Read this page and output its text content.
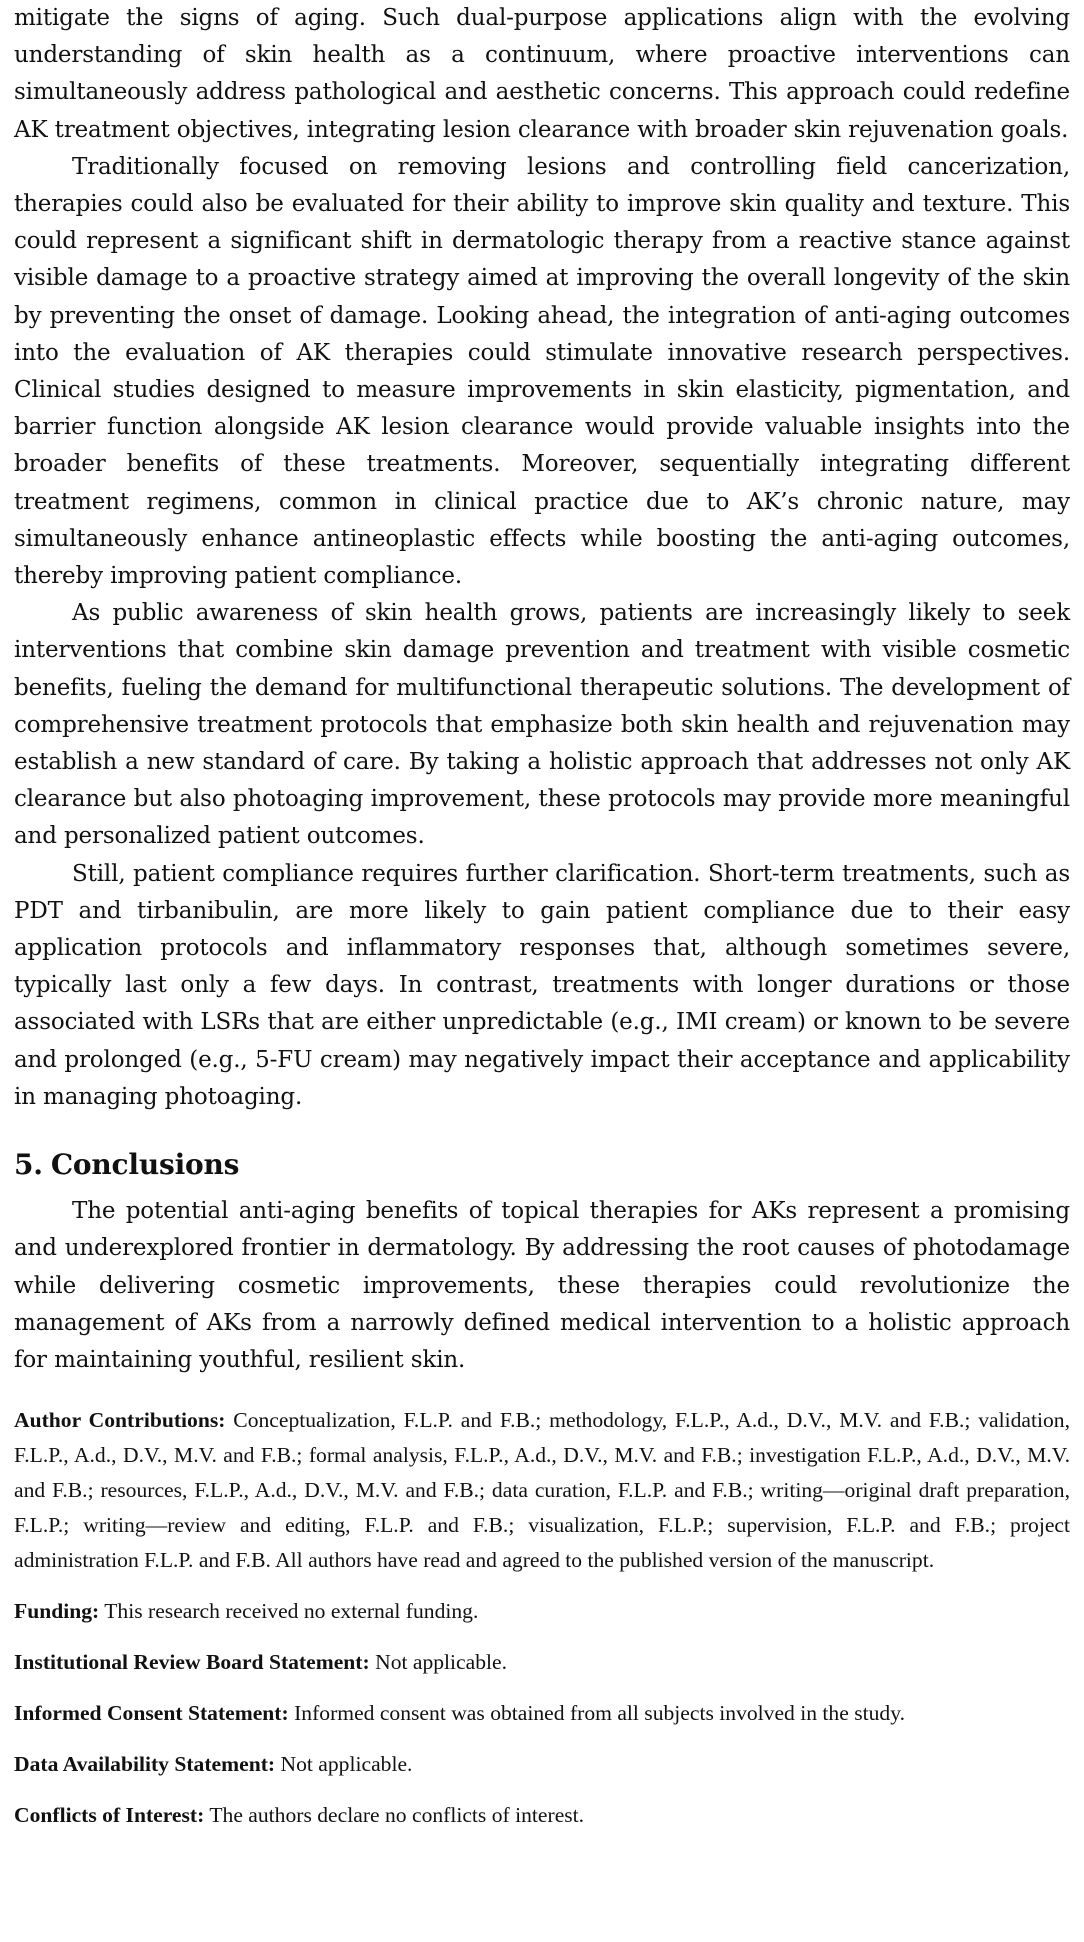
mitigate the signs of aging. Such dual-purpose applications align with the evolving understanding of skin health as a continuum, where proactive interventions can simultaneously address pathological and aesthetic concerns. This approach could redefine AK treatment objectives, integrating lesion clearance with broader skin rejuvenation goals.

Traditionally focused on removing lesions and controlling field cancerization, therapies could also be evaluated for their ability to improve skin quality and texture. This could represent a significant shift in dermatologic therapy from a reactive stance against visible damage to a proactive strategy aimed at improving the overall longevity of the skin by preventing the onset of damage. Looking ahead, the integration of anti-aging outcomes into the evaluation of AK therapies could stimulate innovative research perspectives. Clinical studies designed to measure improvements in skin elasticity, pigmentation, and barrier function alongside AK lesion clearance would provide valuable insights into the broader benefits of these treatments. Moreover, sequentially integrating different treatment regimens, common in clinical practice due to AK’s chronic nature, may simultaneously enhance antineoplastic effects while boosting the anti-aging outcomes, thereby improving patient compliance.

As public awareness of skin health grows, patients are increasingly likely to seek interventions that combine skin damage prevention and treatment with visible cosmetic benefits, fueling the demand for multifunctional therapeutic solutions. The development of comprehensive treatment protocols that emphasize both skin health and rejuvenation may establish a new standard of care. By taking a holistic approach that addresses not only AK clearance but also photoaging improvement, these protocols may provide more meaningful and personalized patient outcomes.

Still, patient compliance requires further clarification. Short-term treatments, such as PDT and tirbanibulin, are more likely to gain patient compliance due to their easy application protocols and inflammatory responses that, although sometimes severe, typically last only a few days. In contrast, treatments with longer durations or those associated with LSRs that are either unpredictable (e.g., IMI cream) or known to be severe and prolonged (e.g., 5-FU cream) may negatively impact their acceptance and applicability in managing photoaging.

5. Conclusions

The potential anti-aging benefits of topical therapies for AKs represent a promising and underexplored frontier in dermatology. By addressing the root causes of photodamage while delivering cosmetic improvements, these therapies could revolutionize the management of AKs from a narrowly defined medical intervention to a holistic approach for maintaining youthful, resilient skin.

Author Contributions: Conceptualization, F.L.P. and F.B.; methodology, F.L.P., A.d., D.V., M.V. and F.B.; validation, F.L.P., A.d., D.V., M.V. and F.B.; formal analysis, F.L.P., A.d., D.V., M.V. and F.B.; investigation F.L.P., A.d., D.V., M.V. and F.B.; resources, F.L.P., A.d., D.V., M.V. and F.B.; data curation, F.L.P. and F.B.; writing—original draft preparation, F.L.P.; writing—review and editing, F.L.P. and F.B.; visualization, F.L.P.; supervision, F.L.P. and F.B.; project administration F.L.P. and F.B. All authors have read and agreed to the published version of the manuscript.

Funding: This research received no external funding.

Institutional Review Board Statement: Not applicable.

Informed Consent Statement: Informed consent was obtained from all subjects involved in the study.

Data Availability Statement: Not applicable.

Conflicts of Interest: The authors declare no conflicts of interest.
